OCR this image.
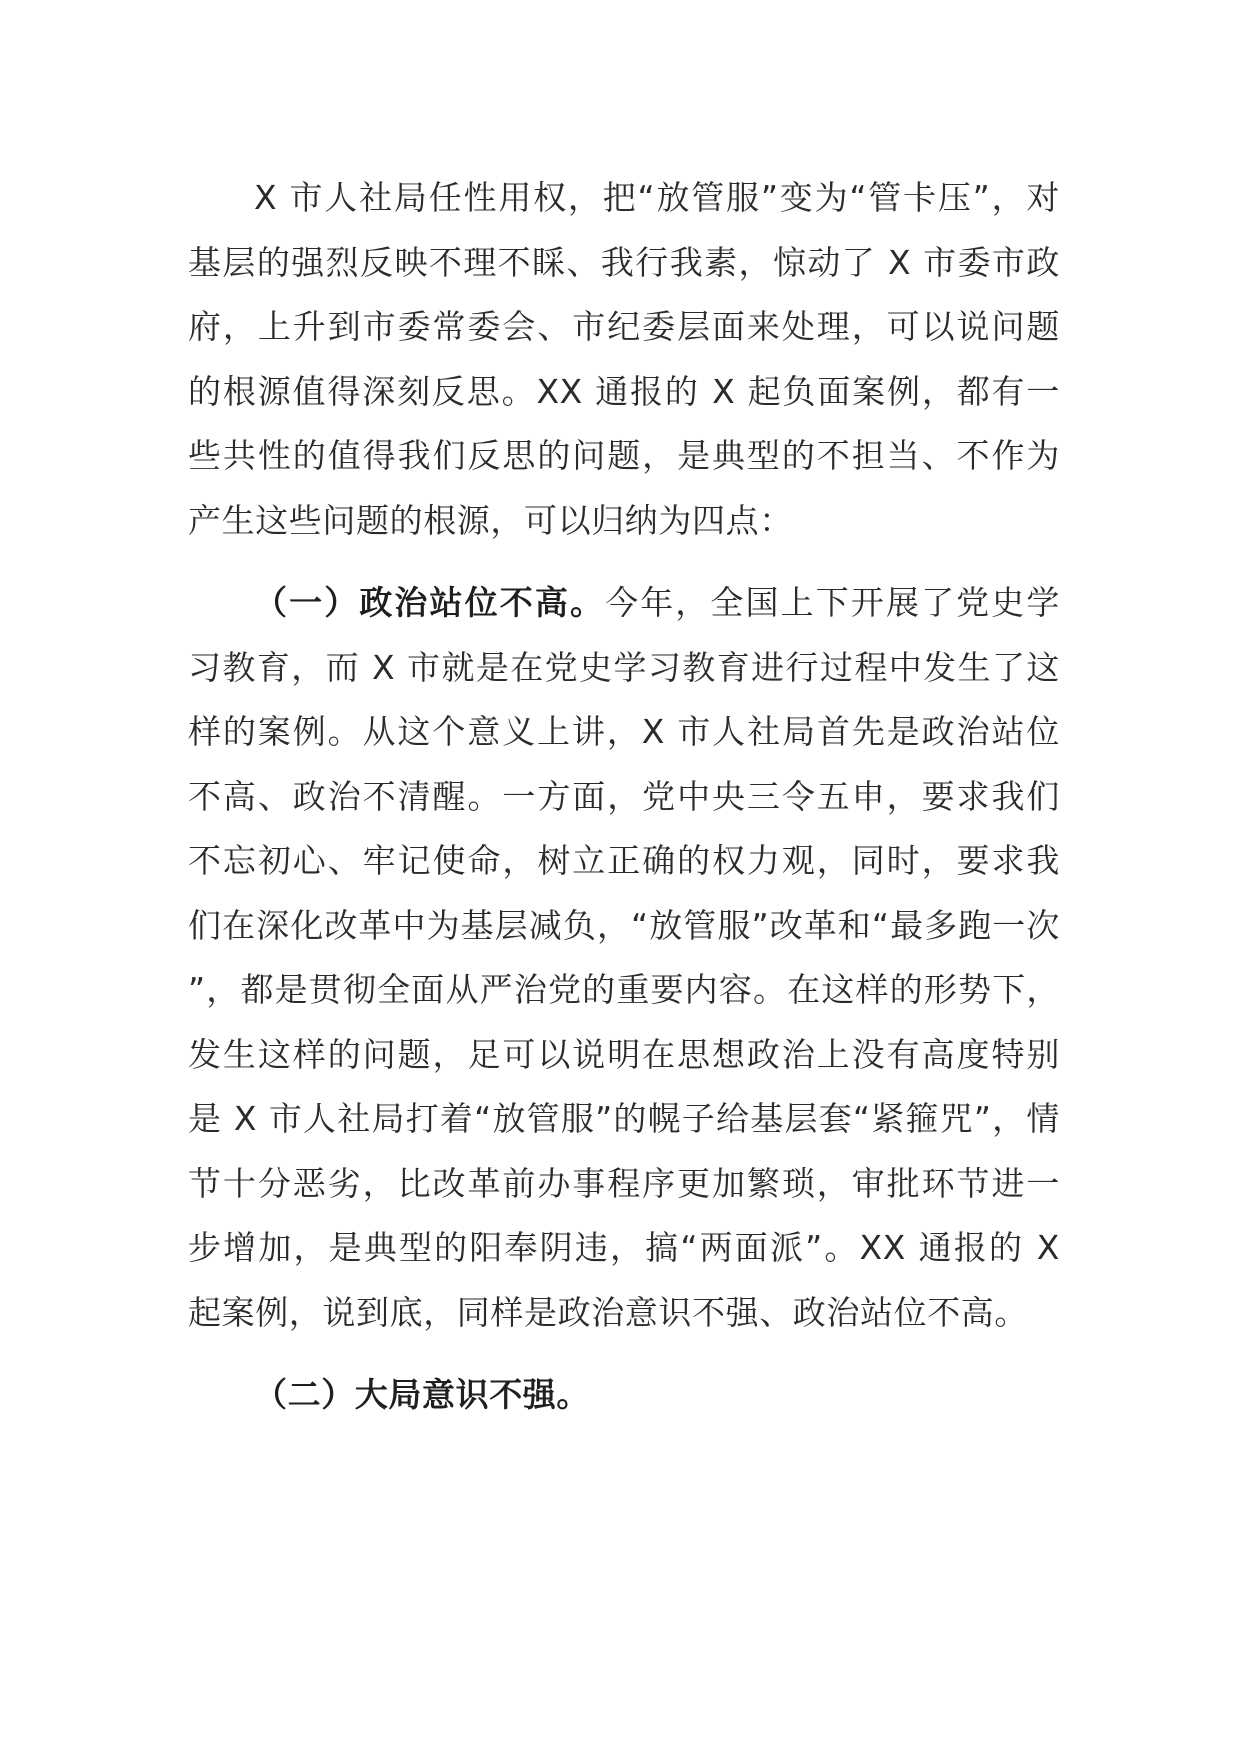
X 市人社局任性用权，把“放管服”变为“管卡压”，对基层的强烈反映不理不睬、我行我素，惊动了 X 市委市政府，上升到市委常委会、市纪委层面来处理，可以说问题的根源值得深刻反思。XX 通报的 X 起负面案例，都有一些共性的值得我们反思的问题，是典型的不担当、不作为产生这些问题的根源，可以归纳为四点：

（一）政治站位不高。今年，全国上下开展了党史学习教育，而 X 市就是在党史学习教育进行过程中发生了这样的案例。从这个意义上讲，X 市人社局首先是政治站位不高、政治不清醒。一方面，党中央三令五申，要求我们不忘初心、牢记使命，树立正确的权力观，同时，要求我们在深化改革中为基层减负，“放管服”改革和“最多跑一次”，都是贯彻全面从严治党的重要内容。在这样的形势下，发生这样的问题，足可以说明在思想政治上没有高度特别是 X 市人社局打着“放管服”的幌子给基层套“紧箍咒”，情节十分恶劣，比改革前办事程序更加繁琐，审批环节进一步增加，是典型的阳奉阴违，搞“两面派”。XX 通报的 X 起案例，说到底，同样是政治意识不强、政治站位不高。

（二）大局意识不强。
